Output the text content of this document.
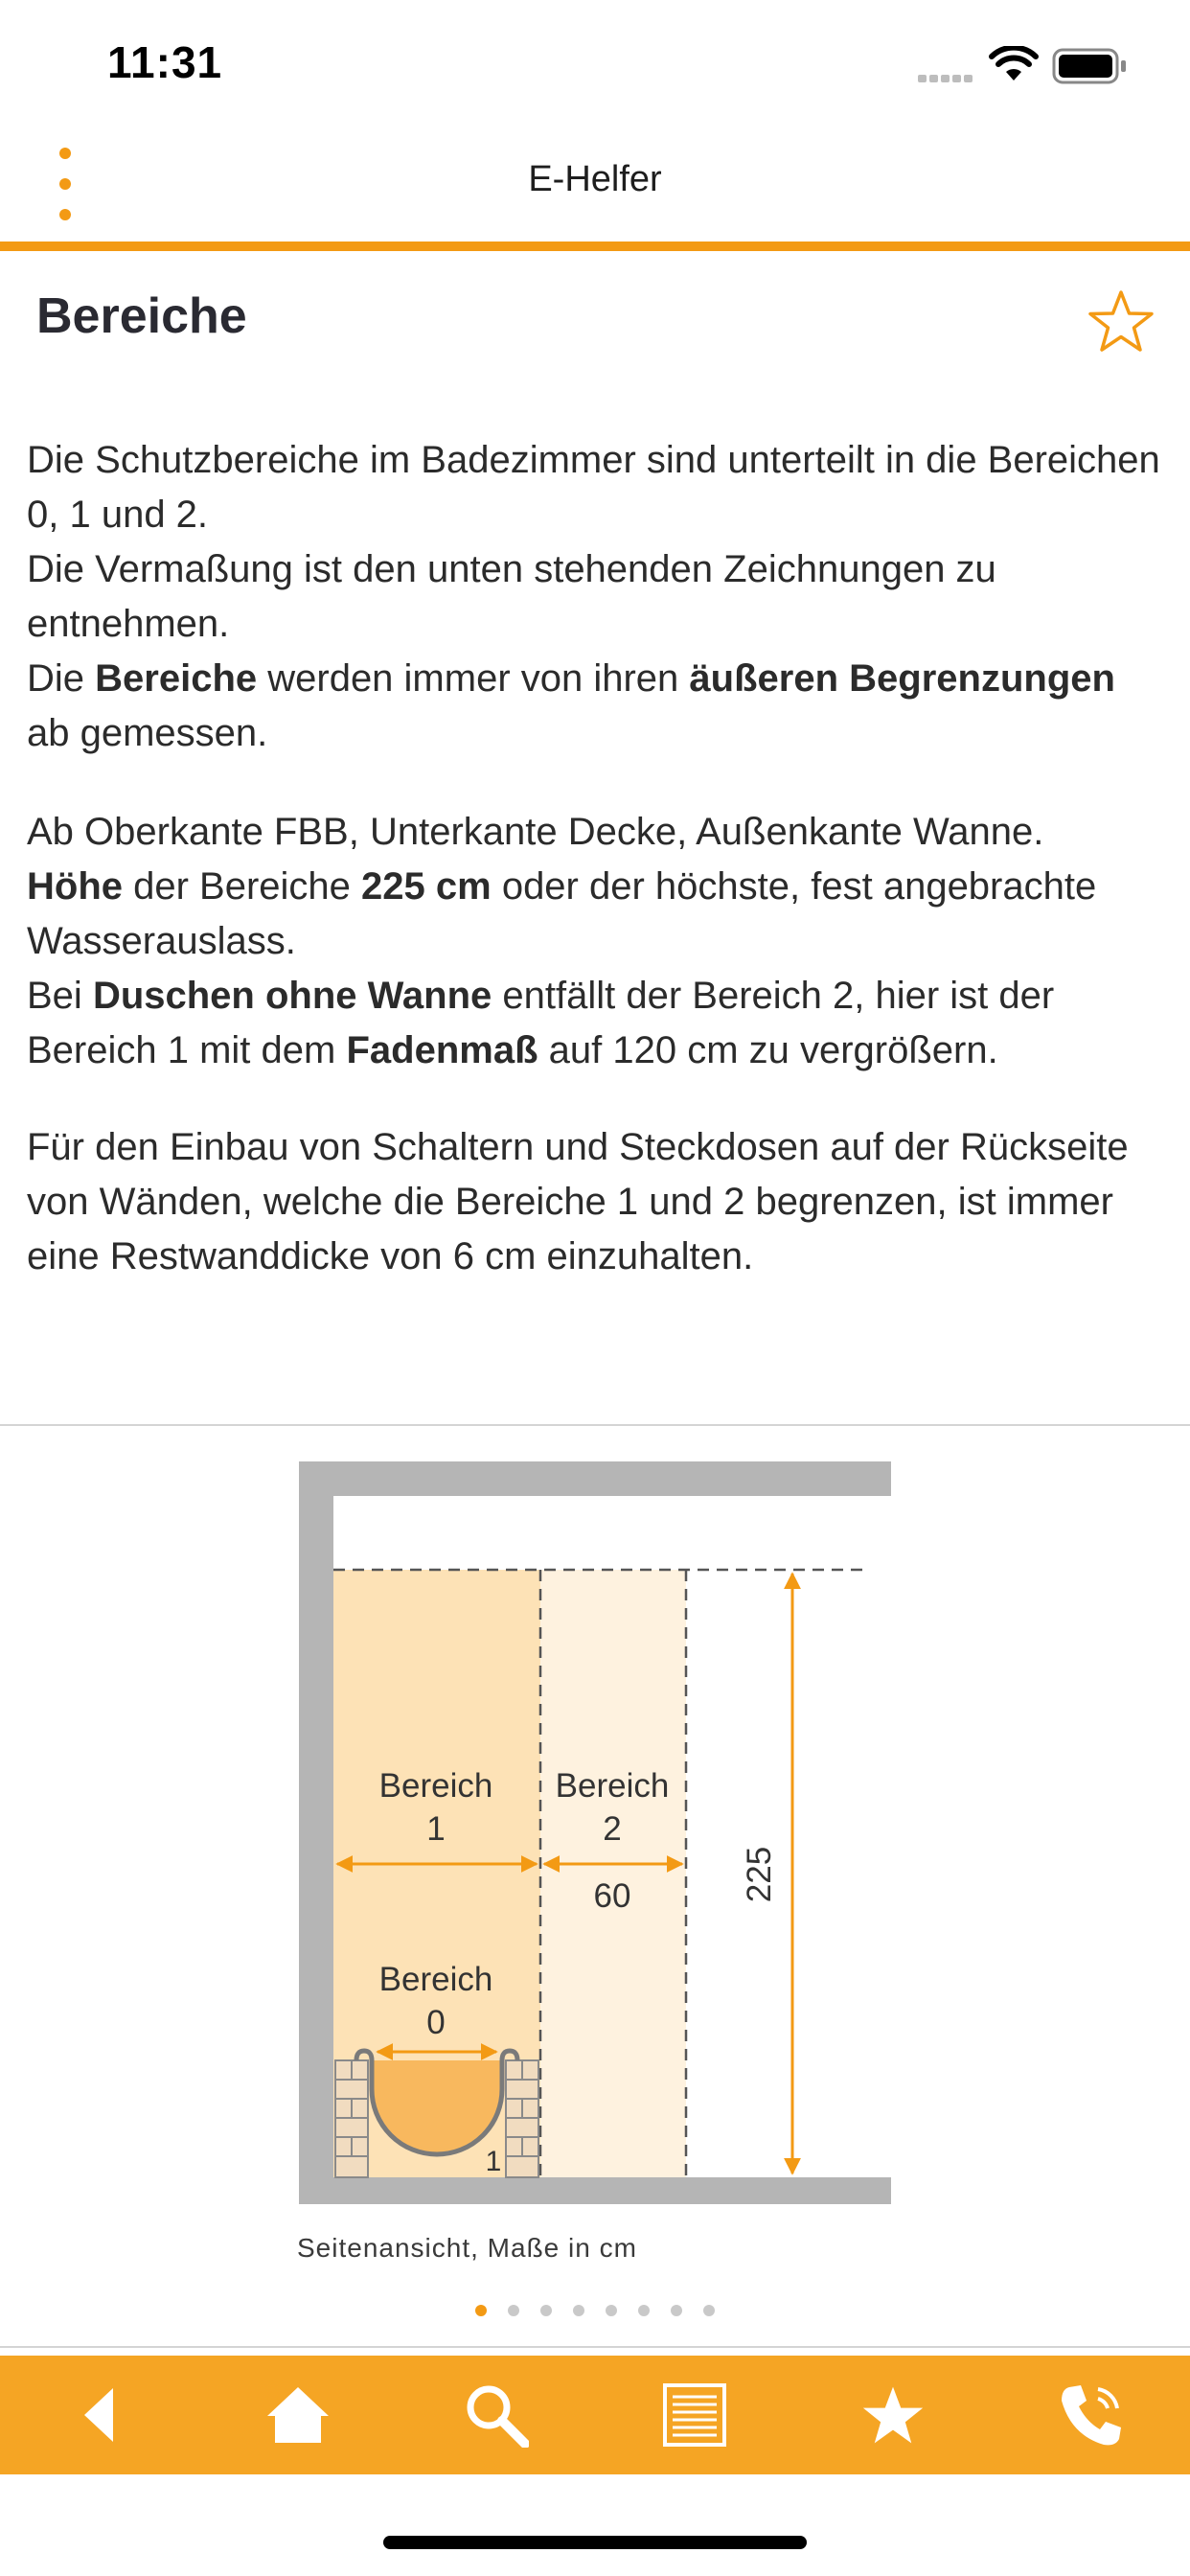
11:31
E-Helfer
Bereiche
Die Schutzbereiche im Badezimmer sind unterteilt in die Bereichen 0, 1 und 2.
Die Vermaßung ist den unten stehenden Zeichnungen zu entnehmen.
Die Bereiche werden immer von ihren äußeren Begrenzungen ab gemessen.
Ab Oberkante FBB, Unterkante Decke, Außenkante Wanne.
Höhe der Bereiche 225 cm oder der höchste, fest angebrachte Wasserauslass.
Bei Duschen ohne Wanne entfällt der Bereich 2, hier ist der Bereich 1 mit dem Fadenmaß auf 120 cm zu vergrößern.
Für den Einbau von Schaltern und Steckdosen auf der Rückseite von Wänden, welche die Bereiche 1 und 2 begrenzen, ist immer eine Restwanddicke von 6 cm einzuhalten.
Bereich
1
Bereich
2
60
Bereich
0
1
225
Seitenansicht, Maße in cm
